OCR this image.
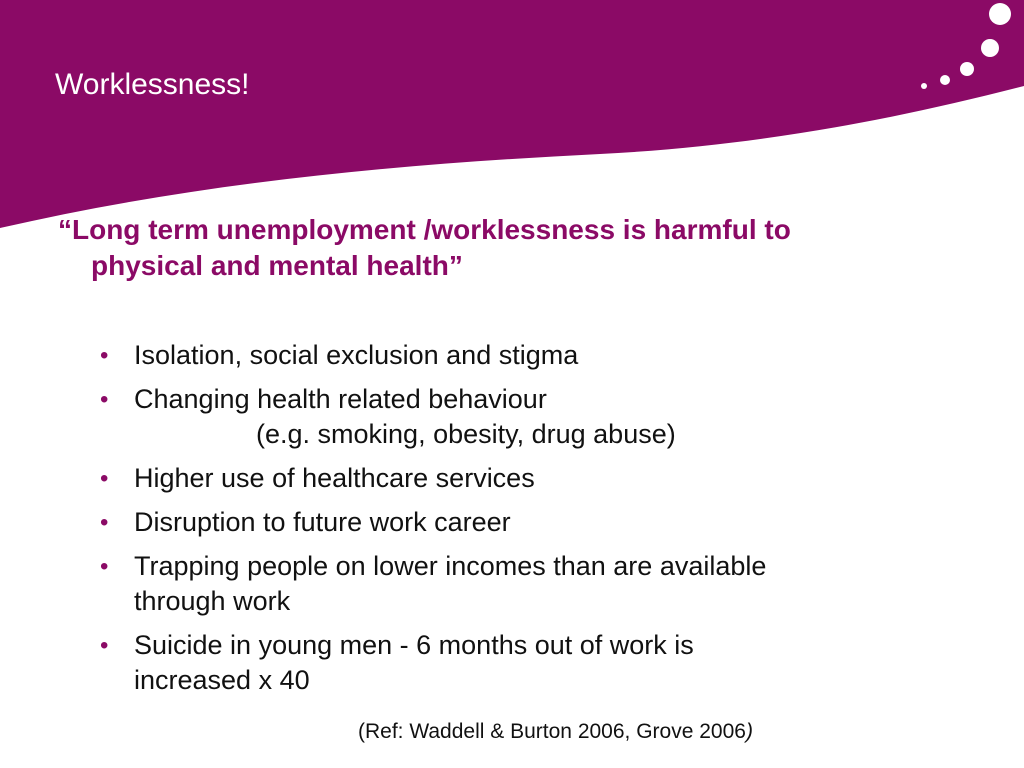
Worklessness!
“Long term unemployment /worklessness is harmful to
physical and mental health”
• Isolation, social exclusion and stigma
• Changing health related behaviour
(e.g. smoking, obesity, drug abuse)
• Higher use of healthcare services
• Disruption to future work career
• Trapping people on lower incomes than are available
through work
• Suicide in young men - 6 months out of work is
increased x 40
(Ref: Waddell & Burton 2006, Grove 2006)
